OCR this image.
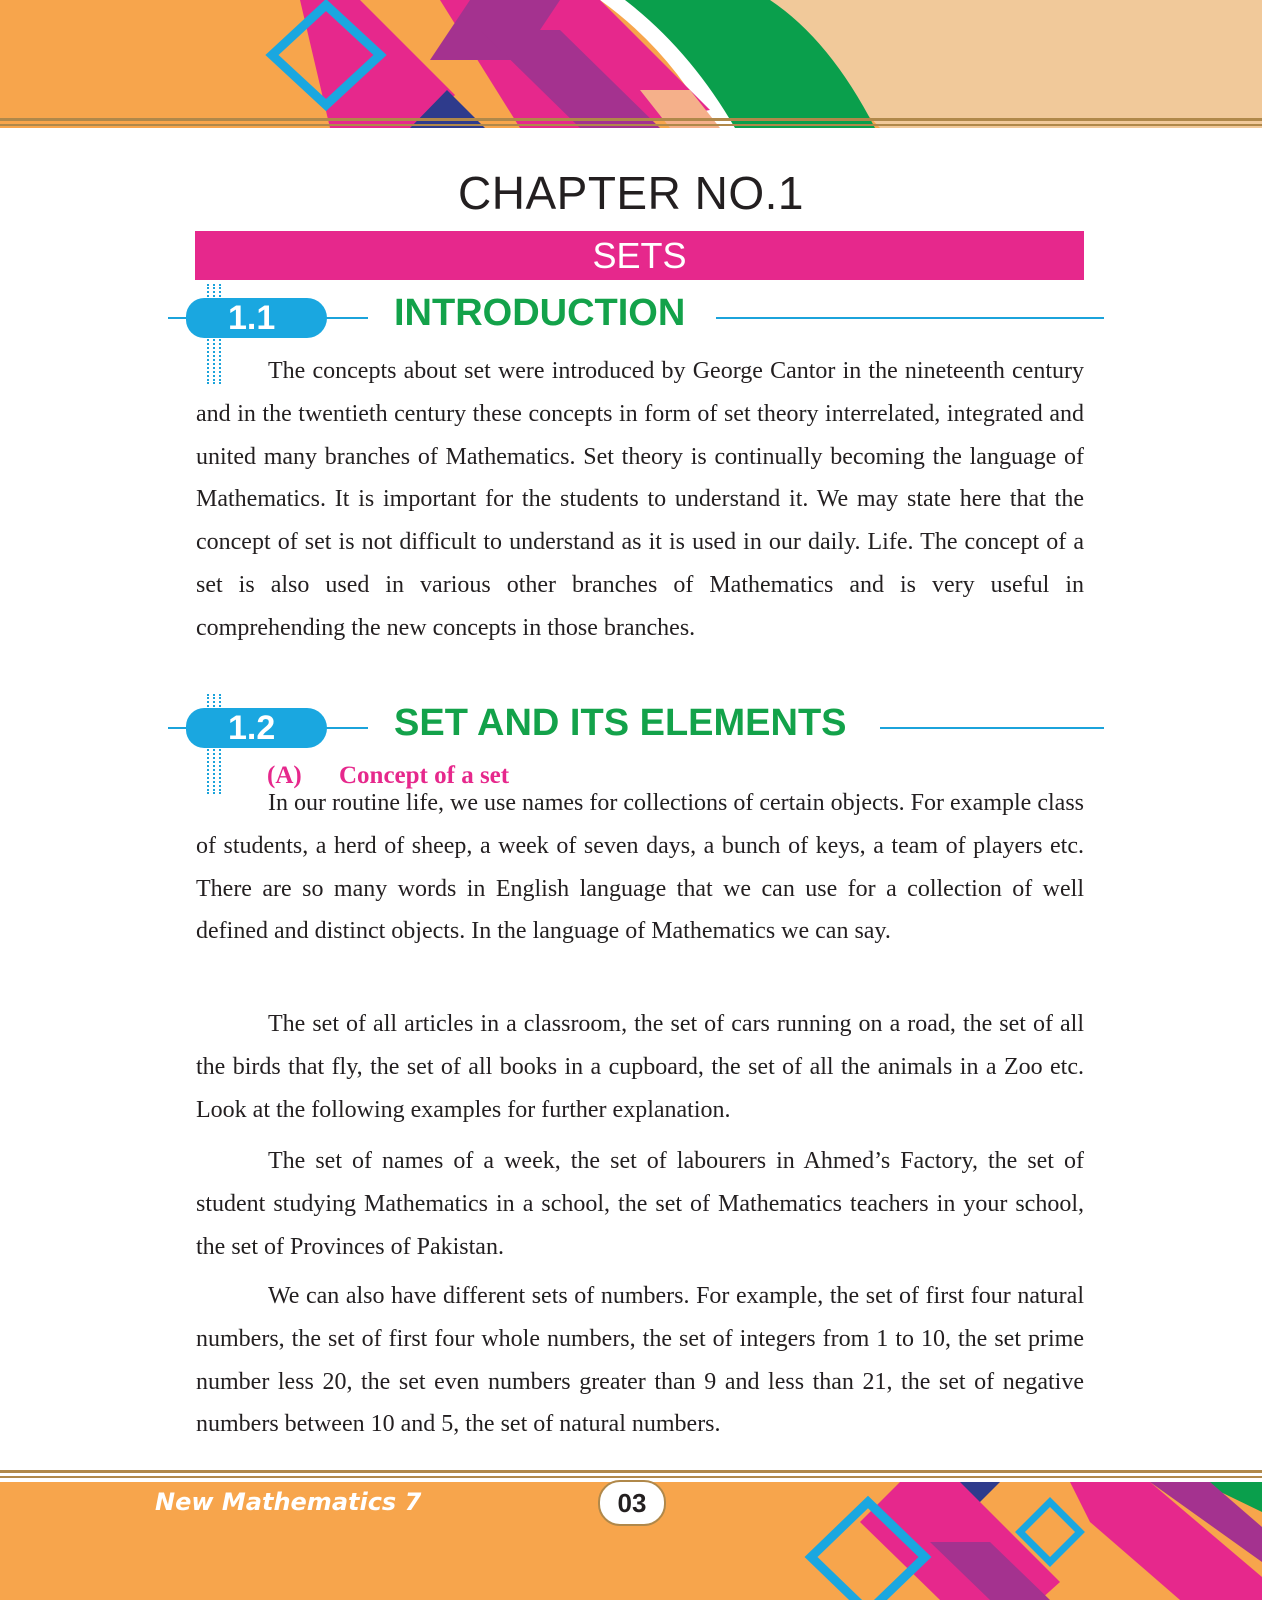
CHAPTER NO.1
SETS
1.1	INTRODUCTION

The concepts about set were introduced by George Cantor in the nineteenth century and in the twentieth century these concepts in form of set theory interrelated, integrated and united many branches of Mathematics. Set theory is continually becoming the language of Mathematics. It is important for the students to understand it. We may state here that the concept of set is not difficult to understand as it is used in our daily. Life. The concept of a set is also used in various other branches of Mathematics and is very useful in comprehending the new concepts in those branches.

1.2	SET AND ITS ELEMENTS
(A) Concept of a set

In our routine life, we use names for collections of certain objects. For example class of students, a herd of sheep, a week of seven days, a bunch of keys, a team of players etc. There are so many words in English language that we can use for a collection of well defined and distinct objects. In the language of Mathematics we can say.

The set of all articles in a classroom, the set of cars running on a road, the set of all the birds that fly, the set of all books in a cupboard, the set of all the animals in a Zoo etc. Look at the following examples for further explanation.

The set of names of a week, the set of labourers in Ahmed’s Factory, the set of student studying Mathematics in a school, the set of Mathematics teachers in your school, the set of Provinces of Pakistan.

We can also have different sets of numbers. For example, the set of first four natural numbers, the set of first four whole numbers, the set of integers from 1 to 10, the set prime number less 20, the set even numbers greater than 9 and less than 21, the set of negative numbers between 10 and 5, the set of natural numbers.

New Mathematics 7	03
